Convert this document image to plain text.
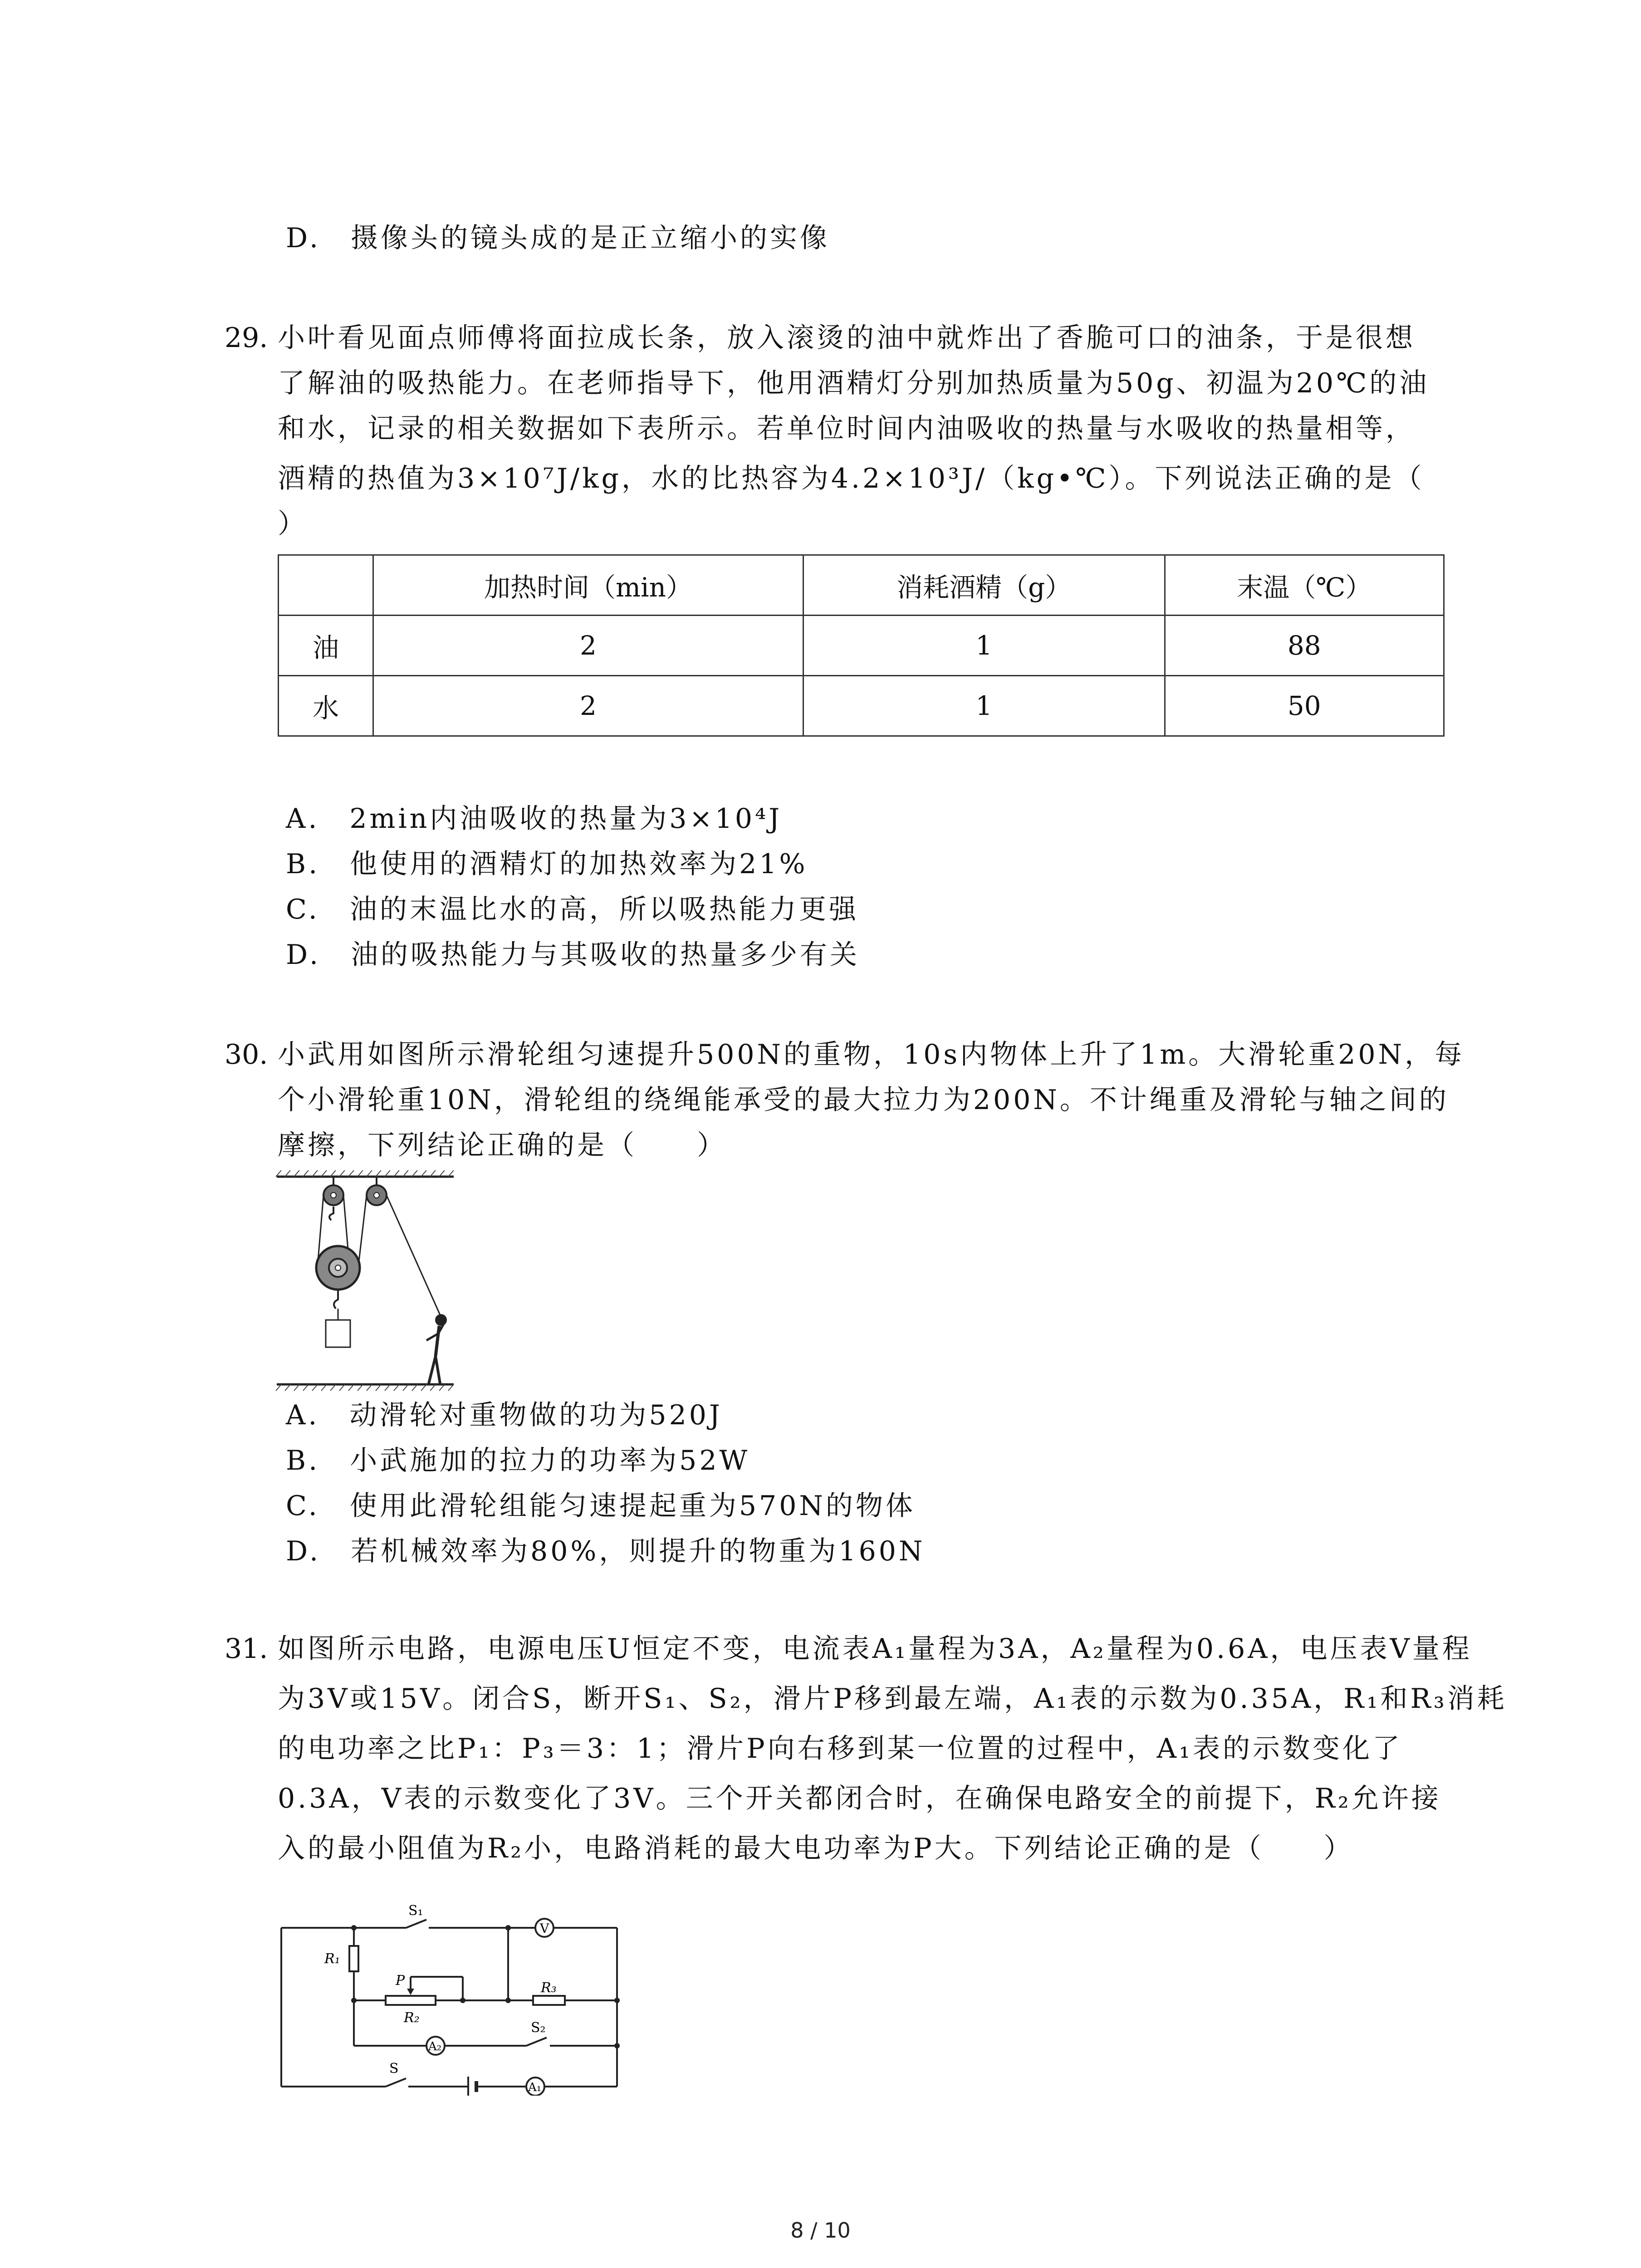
D.　摄像头的镜头成的是正立缩小的实像
29. 小叶看见面点师傅将面拉成长条，放入滚烫的油中就炸出了香脆可口的油条，于是很想
了解油的吸热能力。在老师指导下，他用酒精灯分别加热质量为50g、初温为20℃的油
和水，记录的相关数据如下表所示。若单位时间内油吸收的热量与水吸收的热量相等，
酒精的热值为3×10⁷J/kg，水的比热容为4.2×10³J/（kg•℃）。下列说法正确的是（
）
	加热时间（min）	消耗酒精（g）	末温（℃）
油	2	1	88
水	2	1	50
A.　2min内油吸收的热量为3×10⁴J
B.　他使用的酒精灯的加热效率为21%
C.　油的末温比水的高，所以吸热能力更强
D.　油的吸热能力与其吸收的热量多少有关
30. 小武用如图所示滑轮组匀速提升500N的重物，10s内物体上升了1m。大滑轮重20N，每
个小滑轮重10N，滑轮组的绕绳能承受的最大拉力为200N。不计绳重及滑轮与轴之间的
摩擦，下列结论正确的是（　　）
A.　动滑轮对重物做的功为520J
B.　小武施加的拉力的功率为52W
C.　使用此滑轮组能匀速提起重为570N的物体
D.　若机械效率为80%，则提升的物重为160N
31. 如图所示电路，电源电压U恒定不变，电流表A₁量程为3A，A₂量程为0.6A，电压表V量程
为3V或15V。闭合S，断开S₁、S₂，滑片P移到最左端，A₁表的示数为0.35A，R₁和R₃消耗
的电功率之比P₁：P₃＝3：1；滑片P向右移到某一位置的过程中，A₁表的示数变化了
0.3A，V表的示数变化了3V。三个开关都闭合时，在确保电路安全的前提下，R₂允许接
入的最小阻值为R₂小，电路消耗的最大电功率为P大。下列结论正确的是（　　）
S₁
V
R₁
P
R₂
R₃
A₂
S₂
S
A₁
8 / 10
